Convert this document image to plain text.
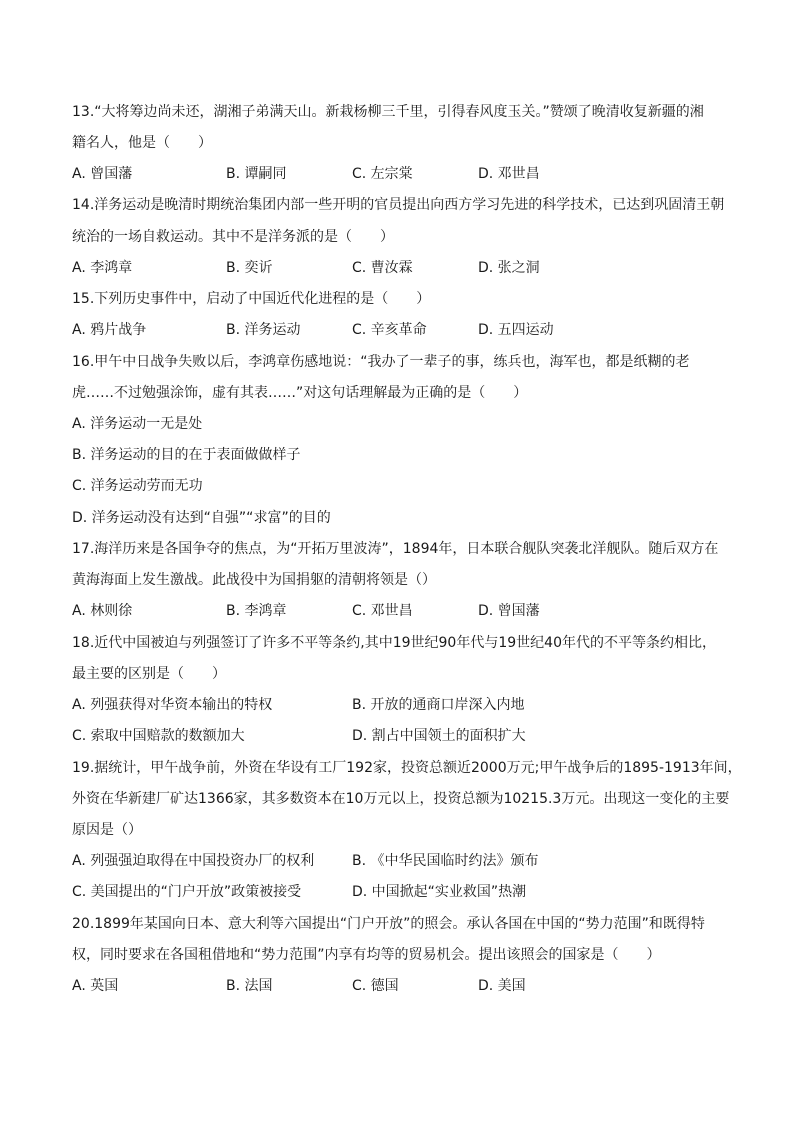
13.“大将筹边尚未还，湖湘子弟满天山。新栽杨柳三千里，引得春风度玉关。”赞颂了晚清收复新疆的湘
籍名人，他是（　　）
A. 曾国藩	B. 谭嗣同	C. 左宗棠	D. 邓世昌
14.洋务运动是晚清时期统治集团内部一些开明的官员提出向西方学习先进的科学技术，已达到巩固清王朝
统治的一场自救运动。其中不是洋务派的是（　　）
A. 李鸿章	B. 奕䜣	C. 曹汝霖	D. 张之洞
15.下列历史事件中，启动了中国近代化进程的是（　　）
A. 鸦片战争	B. 洋务运动	C. 辛亥革命	D. 五四运动
16.甲午中日战争失败以后，李鸿章伤感地说：“我办了一辈子的事，练兵也，海军也，都是纸糊的老
虎……不过勉强涂饰，虚有其表……”对这句话理解最为正确的是（　　）
A. 洋务运动一无是处
B. 洋务运动的目的在于表面做做样子
C. 洋务运动劳而无功
D. 洋务运动没有达到“自强”“求富”的目的
17.海洋历来是各国争夺的焦点，为“开拓万里波涛”，1894年，日本联合舰队突袭北洋舰队。随后双方在
黄海海面上发生激战。此战役中为国捐躯的清朝将领是（）
A. 林则徐	B. 李鸿章	C. 邓世昌	D. 曾国藩
18.近代中国被迫与列强签订了许多不平等条约,其中19世纪90年代与19世纪40年代的不平等条约相比，
最主要的区别是（　　）
A. 列强获得对华资本输出的特权	B. 开放的通商口岸深入内地
C. 索取中国赔款的数额加大	D. 割占中国领土的面积扩大
19.据统计，甲午战争前，外资在华设有工厂192家，投资总额近2000万元;甲午战争后的1895-1913年间，
外资在华新建厂矿达1366家，其多数资本在10万元以上，投资总额为10215.3万元。出现这一变化的主要
原因是（）
A. 列强强迫取得在中国投资办厂的权利	B. 《中华民国临时约法》颁布
C. 美国提出的“门户开放”政策被接受	D. 中国掀起“实业救国”热潮
20.1899年某国向日本、意大利等六国提出“门户开放”的照会。承认各国在中国的“势力范围”和既得特
权，同时要求在各国租借地和“势力范围”内享有均等的贸易机会。提出该照会的国家是（　　）
A. 英国	B. 法国	C. 德国	D. 美国
